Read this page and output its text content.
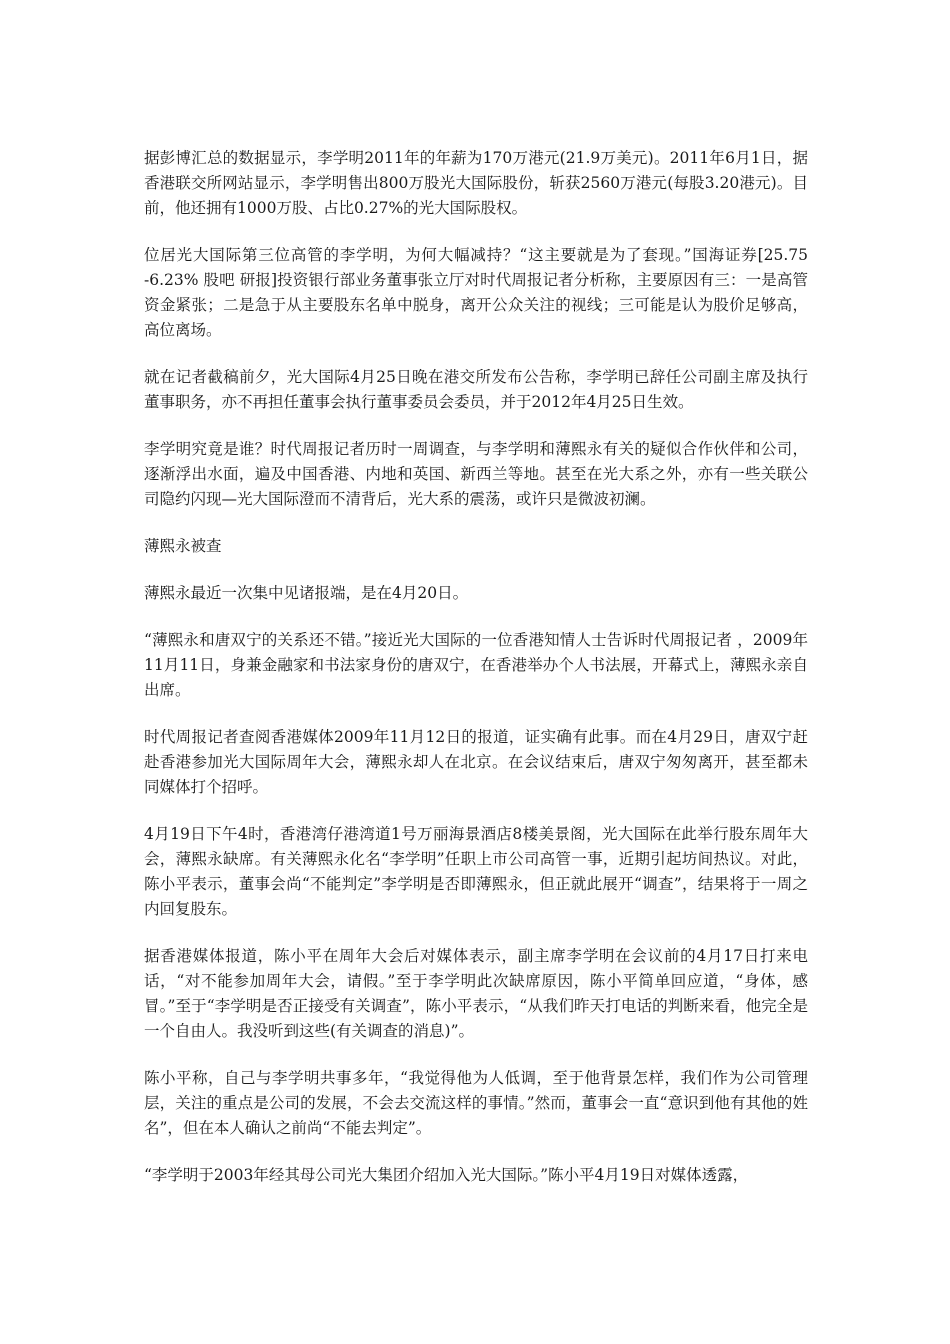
据彭博汇总的数据显示，李学明2011年的年薪为170万港元(21.9万美元)。2011年6月1日，据香港联交所网站显示，李学明售出800万股光大国际股份，斩获2560万港元(每股3.20港元)。目前，他还拥有1000万股、占比0.27%的光大国际股权。

位居光大国际第三位高管的李学明，为何大幅减持？“这主要就是为了套现。”国海证券[25.75 -6.23% 股吧 研报]投资银行部业务董事张立厅对时代周报记者分析称，主要原因有三：一是高管资金紧张；二是急于从主要股东名单中脱身，离开公众关注的视线；三可能是认为股价足够高，高位离场。

就在记者截稿前夕，光大国际4月25日晚在港交所发布公告称，李学明已辞任公司副主席及执行董事职务，亦不再担任董事会执行董事委员会委员，并于2012年4月25日生效。

李学明究竟是谁？时代周报记者历时一周调查，与李学明和薄熙永有关的疑似合作伙伴和公司，逐渐浮出水面，遍及中国香港、内地和英国、新西兰等地。甚至在光大系之外，亦有一些关联公司隐约闪现—光大国际澄而不清背后，光大系的震荡，或许只是微波初澜。

薄熙永被查

薄熙永最近一次集中见诸报端，是在4月20日。

“薄熙永和唐双宁的关系还不错。”接近光大国际的一位香港知情人士告诉时代周报记者 ，2009年11月11日，身兼金融家和书法家身份的唐双宁，在香港举办个人书法展，开幕式上，薄熙永亲自出席。

时代周报记者查阅香港媒体2009年11月12日的报道，证实确有此事。而在4月29日，唐双宁赶赴香港参加光大国际周年大会，薄熙永却人在北京。在会议结束后，唐双宁匆匆离开，甚至都未同媒体打个招呼。

4月19日下午4时，香港湾仔港湾道1号万丽海景酒店8楼美景阁，光大国际在此举行股东周年大会，薄熙永缺席。有关薄熙永化名“李学明”任职上市公司高管一事，近期引起坊间热议。对此，陈小平表示，董事会尚“不能判定”李学明是否即薄熙永，但正就此展开“调查”，结果将于一周之内回复股东。

据香港媒体报道，陈小平在周年大会后对媒体表示，副主席李学明在会议前的4月17日打来电话，“对不能参加周年大会，请假。”至于李学明此次缺席原因，陈小平简单回应道，“身体，感冒。”至于“李学明是否正接受有关调查”，陈小平表示，“从我们昨天打电话的判断来看，他完全是一个自由人。我没听到这些(有关调查的消息)”。

陈小平称，自己与李学明共事多年，“我觉得他为人低调，至于他背景怎样，我们作为公司管理层，关注的重点是公司的发展，不会去交流这样的事情。”然而，董事会一直“意识到他有其他的姓名”，但在本人确认之前尚“不能去判定”。

“李学明于2003年经其母公司光大集团介绍加入光大国际。”陈小平4月19日对媒体透露，
